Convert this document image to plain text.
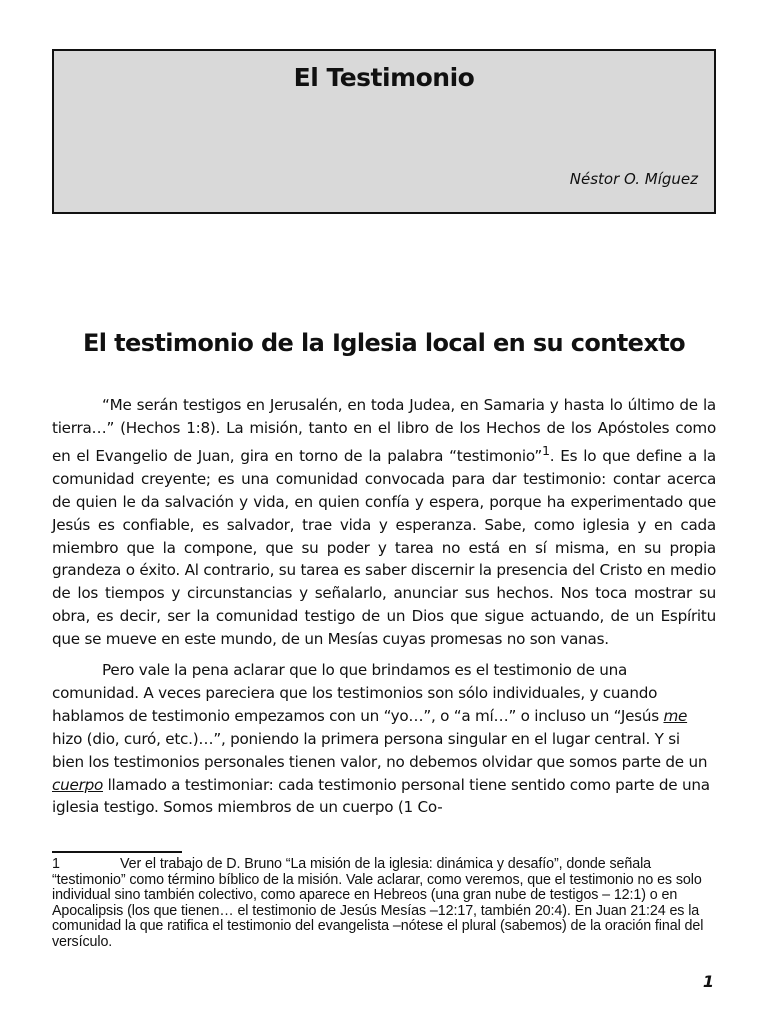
El Testimonio
Néstor O. Míguez
El testimonio de la Iglesia local en su contexto

“Me serán testigos en Jerusalén, en toda Judea, en Samaria y hasta lo último de la tierra…” (Hechos 1:8). La misión, tanto en el libro de los Hechos de los Apóstoles como en el Evangelio de Juan, gira en torno de la palabra “testimonio”$^1$. Es lo que define a la comunidad creyente; es una comunidad convocada para dar testimonio: contar acerca de quien le da salvación y vida, en quien confía y espera, porque ha experimentado que Jesús es confiable, es salvador, trae vida y esperanza. Sabe, como iglesia y en cada miembro que la compone, que su poder y tarea no está en sí misma, en su propia grandeza o éxito. Al contrario, su tarea es saber discernir la presencia del Cristo en medio de los tiempos y circunstancias y señalarlo, anunciar sus hechos. Nos toca mostrar su obra, es decir, ser la comunidad testigo de un Dios que sigue actuando, de un Espíritu que se mueve en este mundo, de un Mesías cuyas promesas no son vanas.

Pero vale la pena aclarar que lo que brindamos es el testimonio de una comunidad. A veces pareciera que los testimonios son sólo individuales, y cuando hablamos de testimonio empezamos con un “yo…”, o “a mí…” o incluso un “Jesús me hizo (dio, curó, etc.)…”, poniendo la primera persona singular en el lugar central. Y si bien los testimonios personales tienen valor, no debemos olvidar que somos parte de un cuerpo llamado a testimoniar: cada testimonio personal tiene sentido como parte de una iglesia testigo. Somos miembros de un cuerpo (1 Co-

1	Ver el trabajo de D. Bruno “La misión de la iglesia: dinámica y desafío”, donde señala “testimonio” como término bíblico de la misión. Vale aclarar, como veremos, que el testimonio no es solo individual sino también colectivo, como aparece en Hebreos (una gran nube de testigos – 12:1) o en Apocalipsis (los que tienen… el testimonio de Jesús Mesías –12:17, también 20:4). En Juan 21:24 es la comunidad la que ratifica el testimonio del evangelista –nótese el plural (sabemos) de la oración final del versículo.
1
